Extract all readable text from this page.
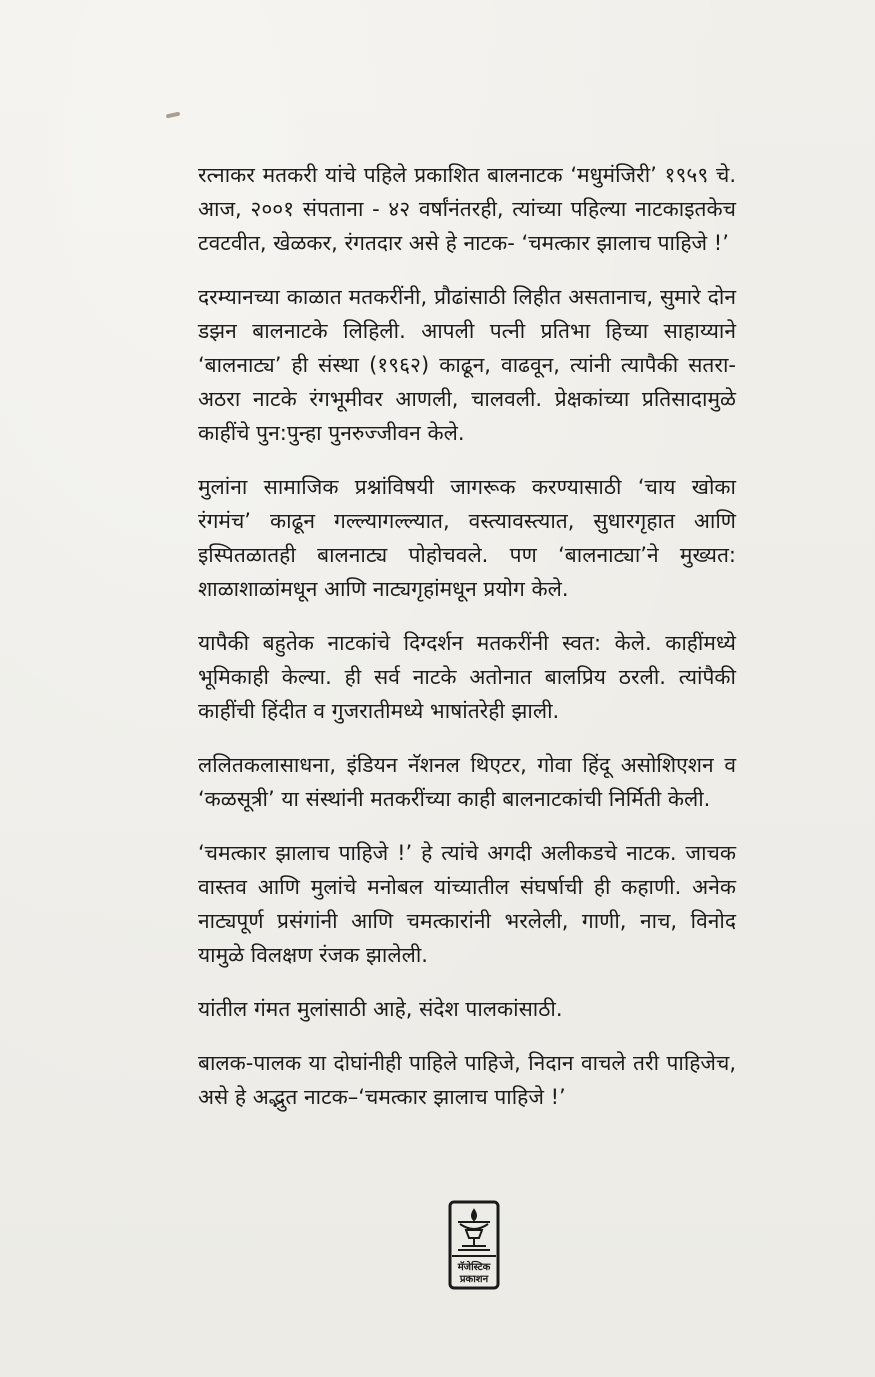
रत्नाकर मतकरी यांचे पहिले प्रकाशित बालनाटक ‘मधुमंजिरी’ १९५९ चे. आज, २००१ संपताना - ४२ वर्षांनंतरही, त्यांच्या पहिल्या नाटकाइतकेच टवटवीत, खेळकर, रंगतदार असे हे नाटक- ‘चमत्कार झालाच पाहिजे !’

दरम्यानच्या काळात मतकरींनी, प्रौढांसाठी लिहीत असतानाच, सुमारे दोन डझन बालनाटके लिहिली. आपली पत्नी प्रतिभा हिच्या साहाय्याने ‘बालनाट्य’ ही संस्था (१९६२) काढून, वाढवून, त्यांनी त्यापैकी सतरा-अठरा नाटके रंगभूमीवर आणली, चालवली. प्रेक्षकांच्या प्रतिसादामुळे काहींचे पुन:पुन्हा पुनरुज्जीवन केले.

मुलांना सामाजिक प्रश्नांविषयी जागरूक करण्यासाठी ‘चाय खोका रंगमंच’ काढून गल्ल्यागल्ल्यात, वस्त्यावस्त्यात, सुधारगृहात आणि इस्पितळातही बालनाट्य पोहोचवले. पण ‘बालनाट्या’ने मुख्यत: शाळाशाळांमधून आणि नाट्यगृहांमधून प्रयोग केले.

यापैकी बहुतेक नाटकांचे दिग्दर्शन मतकरींनी स्वत: केले. काहींमध्ये भूमिकाही केल्या. ही सर्व नाटके अतोनात बालप्रिय ठरली. त्यांपैकी काहींची हिंदीत व गुजरातीमध्ये भाषांतरेही झाली.

ललितकलासाधना, इंडियन नॅशनल थिएटर, गोवा हिंदू असोशिएशन व ‘कळसूत्री’ या संस्थांनी मतकरींच्या काही बालनाटकांची निर्मिती केली.

‘चमत्कार झालाच पाहिजे !’ हे त्यांचे अगदी अलीकडचे नाटक. जाचक वास्तव आणि मुलांचे मनोबल यांच्यातील संघर्षाची ही कहाणी. अनेक नाट्यपूर्ण प्रसंगांनी आणि चमत्कारांनी भरलेली, गाणी, नाच, विनोद यामुळे विलक्षण रंजक झालेली.

यांतील गंमत मुलांसाठी आहे, संदेश पालकांसाठी.

बालक-पालक या दोघांनीही पाहिले पाहिजे, निदान वाचले तरी पाहिजेच, असे हे अद्भुत नाटक–‘चमत्कार झालाच पाहिजे !’

मॅजेस्टिक
प्रकाशन
